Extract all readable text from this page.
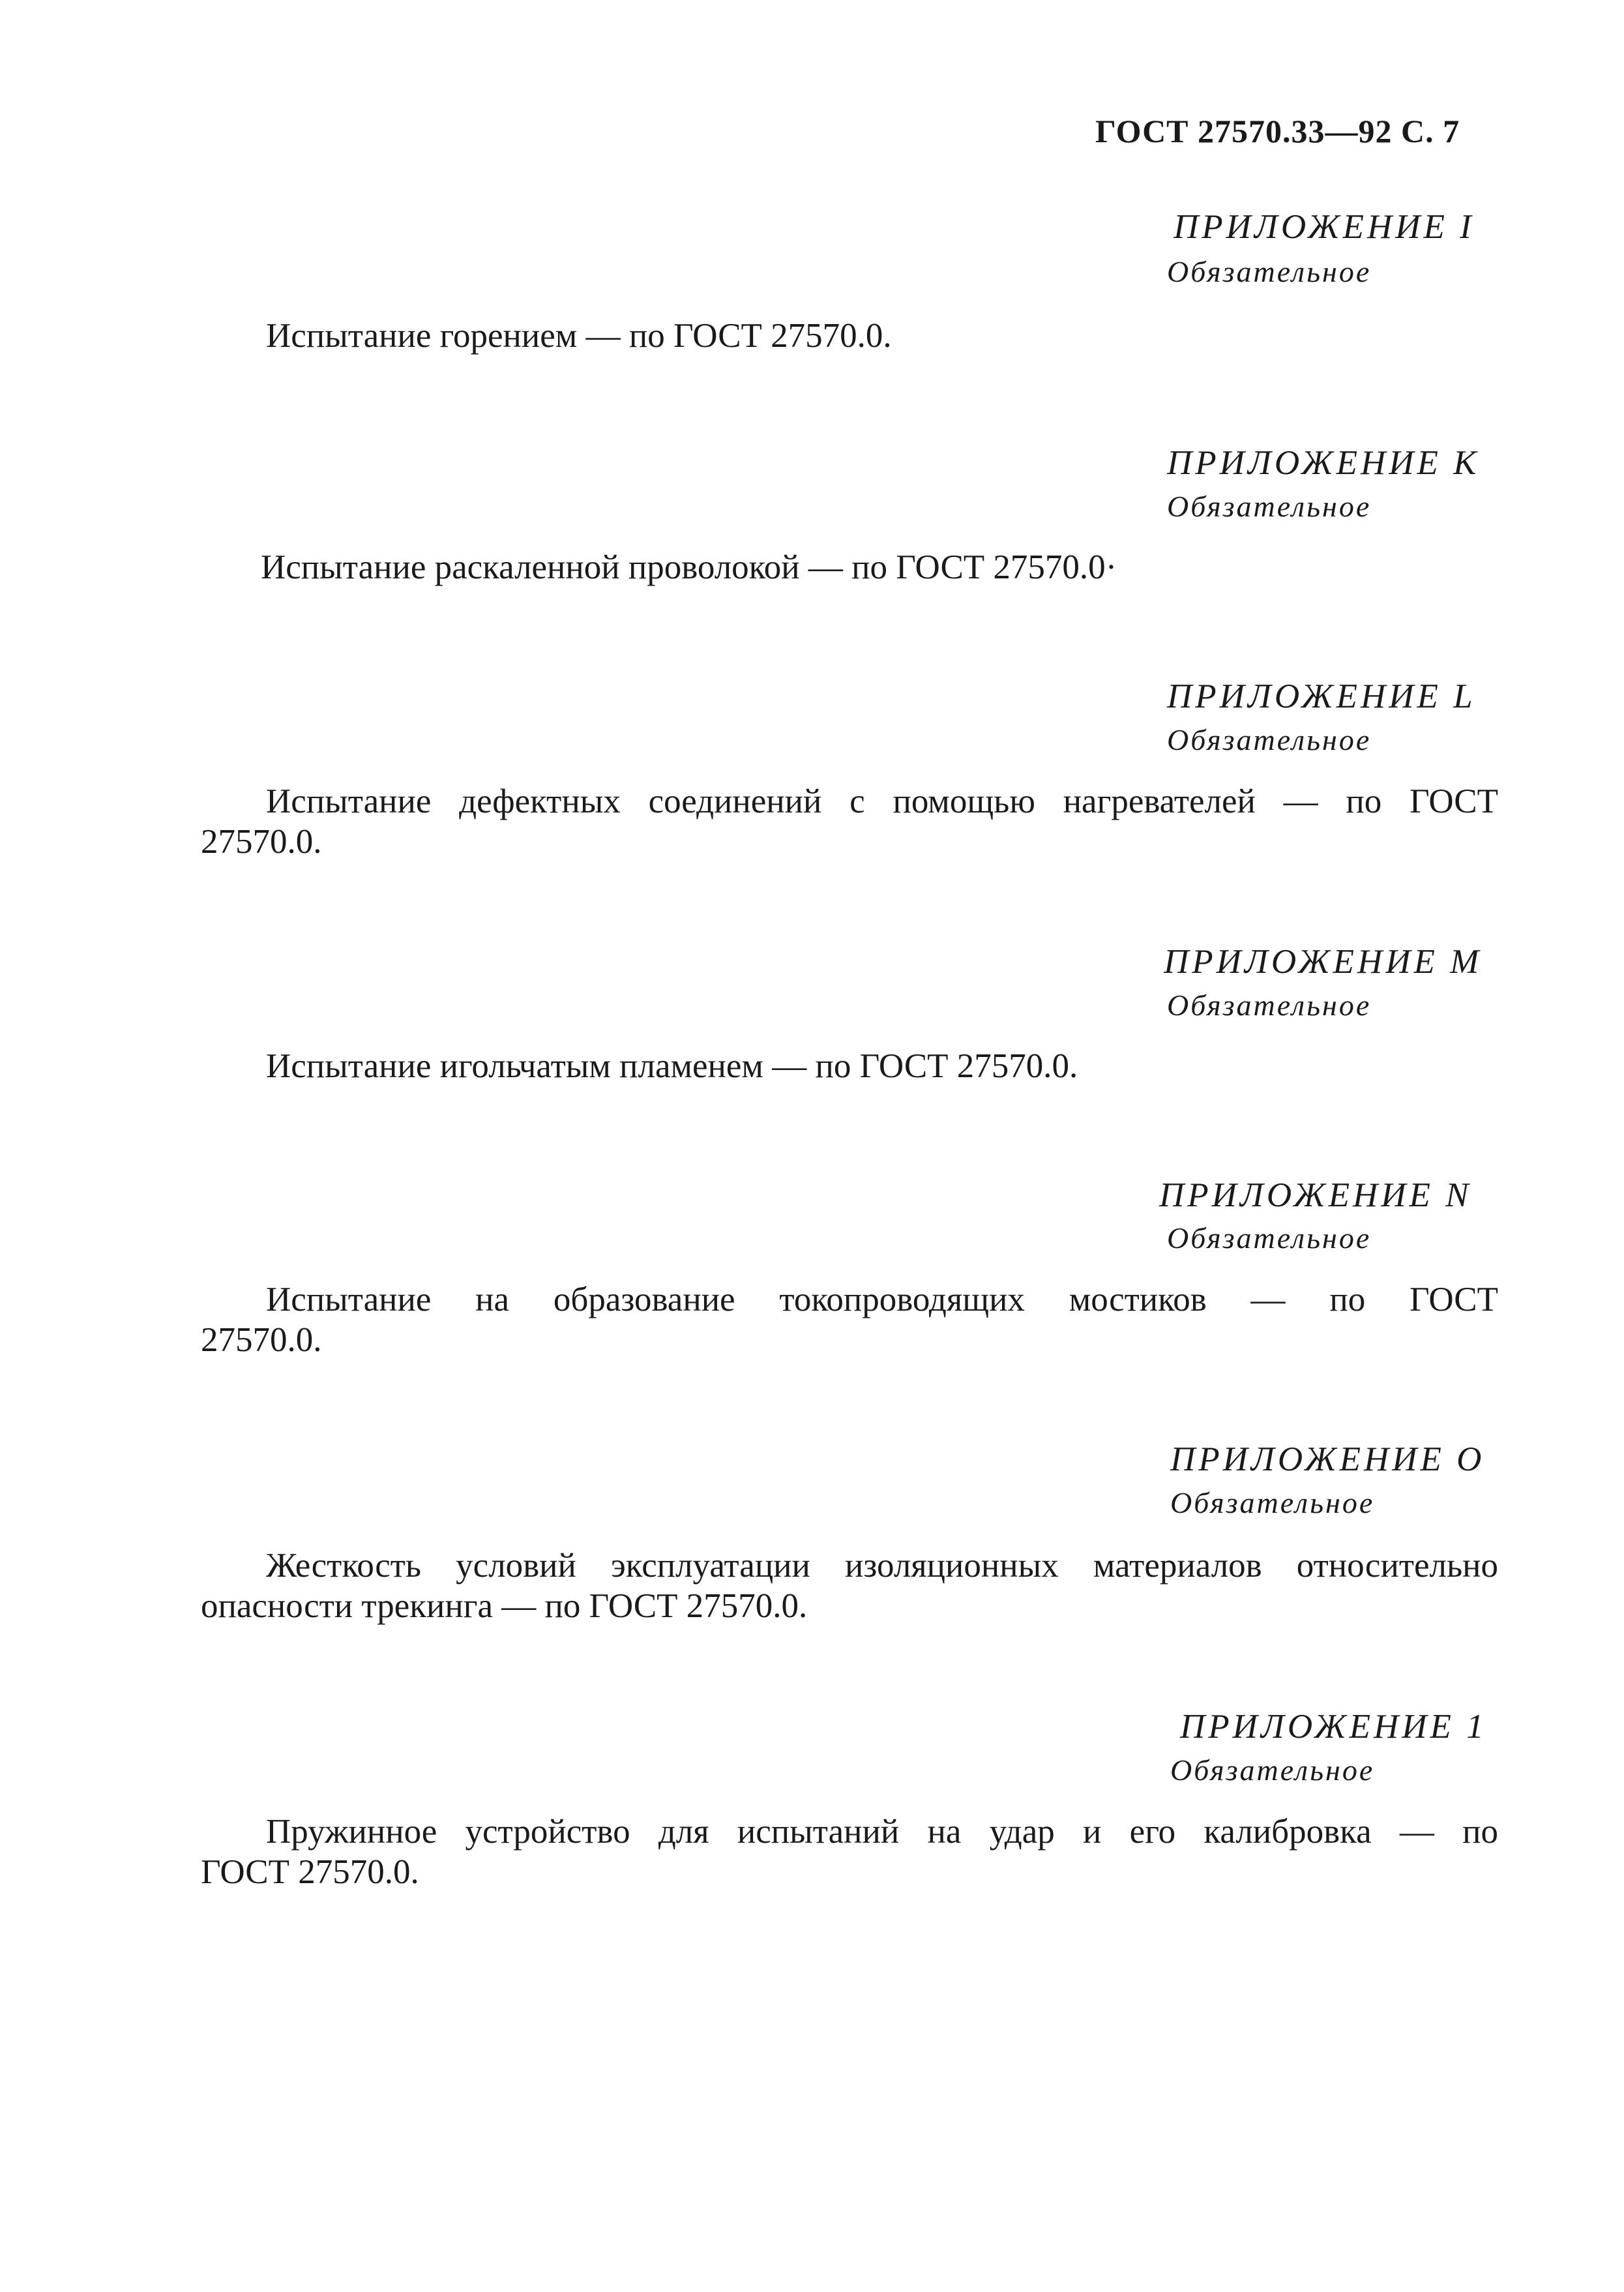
ГОСТ 27570.33—92 С. 7
ПРИЛОЖЕНИЕ I
Обязательное
Испытание горением — по ГОСТ 27570.0.
ПРИЛОЖЕНИЕ К
Обязательное
Испытание раскаленной проволокой — по ГОСТ 27570.0·
ПРИЛОЖЕНИЕ L
Обязательное
Испытание дефектных соединений с помощью нагревателей — по ГОСТ
27570.0.
ПРИЛОЖЕНИЕ M
Обязательное
Испытание игольчатым пламенем — по ГОСТ 27570.0.
ПРИЛОЖЕНИЕ N
Обязательное
Испытание на образование токопроводящих мостиков — по ГОСТ
27570.0.
ПРИЛОЖЕНИЕ О
Обязательное
Жесткость условий эксплуатации изоляционных материалов относительно
опасности трекинга — по ГОСТ 27570.0.
ПРИЛОЖЕНИЕ 1
Обязательное
Пружинное устройство для испытаний на удар и его калибровка — по
ГОСТ 27570.0.
